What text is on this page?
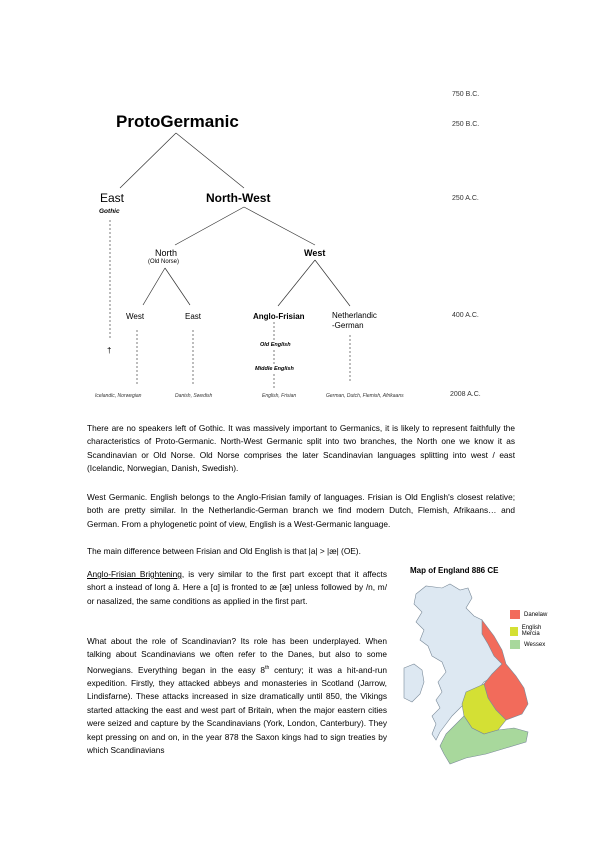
750 B.C.
250 B.C.
250 A.C.
400 A.C.
2008 A.C.
ProtoGermanic
East
Gothic
North-West
North
(Old Norse)
West
West	East	Anglo-Frisian	Netherlandic
-German
Old English
Middle English
†
Icelandic, Norwegian	Danish, Swedish	English, Frisian	German, Dutch, Flemish, Afrikaans

There are no speakers left of Gothic. It was massively important to Germanics, it is likely to represent faithfully the characteristics of Proto-Germanic. North-West Germanic split into two branches, the North one we know it as Scandinavian or Old Norse. Old Norse comprises the later Scandinavian languages splitting into west / east (Icelandic, Norwegian, Danish, Swedish).

West Germanic. English belongs to the Anglo-Frisian family of languages. Frisian is Old English's closest relative; both are pretty similar. In the Netherlandic-German branch we find modern Dutch, Flemish, Afrikaans… and German. From a phylogenetic point of view, English is a West-Germanic language.

The main difference between Frisian and Old English is that |a| > |æ| (OE).

Anglo-Frisian Brightening, is very similar to the first part except that it affects short a instead of long ā. Here a [ɑ] is fronted to æ [æ] unless followed by /n, m/ or nasalized, the same conditions as applied in the first part.

What about the role of Scandinavian? Its role has been underplayed. When talking about Scandinavians we often refer to the Danes, but also to some Norwegians. Everything began in the easy 8th century; it was a hit-and-run expedition. Firstly, they attacked abbeys and monasteries in Scotland (Jarrow, Lindisfarne). These attacks increased in size dramatically until 850, the Vikings started attacking the east and west part of Britain, when the major eastern cities were seized and capture by the Scandinavians (York, London, Canterbury). They kept pressing on and on, in the year 878 the Saxon kings had to sign treaties by which Scandinavians

Map of England 886 CE
Danelaw
English Mercia
Wessex
